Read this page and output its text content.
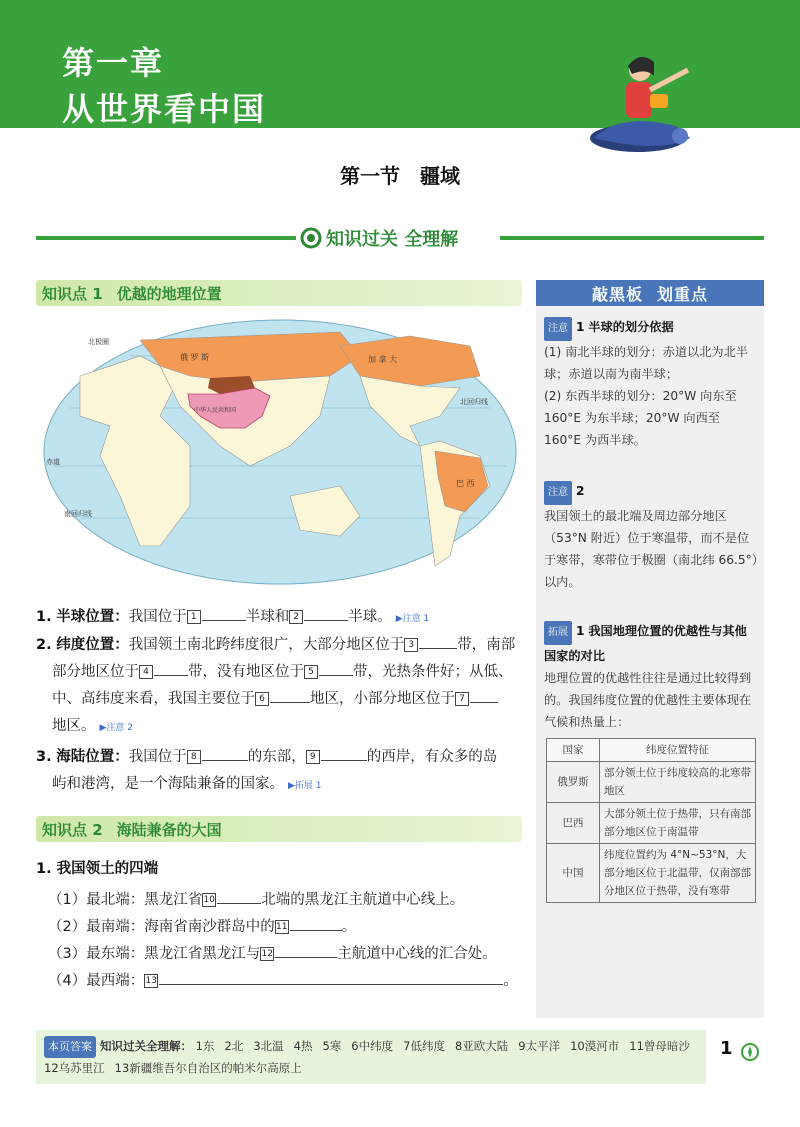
第一章
从世界看中国
第一节 疆域
知识过关 全理解
知识点 1 优越的地理位置
俄 罗 斯	加 拿 大
中华人民共和国
巴 西
北极圈
北回归线
赤道
南回归线
1. 半球位置：我国位于 1	半球和 2	半球。 ▶注意 1
2. 纬度位置：我国领土南北跨纬度很广，大部分地区位于 3	带，南部
部分地区位于 4	带，没有地区位于 5	带，光热条件好；从低、
中、高纬度来看，我国主要位于 6	地区，小部分地区位于 7
地区。 ▶注意 2
3. 海陆位置：我国位于 8	的东部， 9	的西岸，有众多的岛
屿和港湾，是一个海陆兼备的国家。 ▶拓展 1
知识点 2 海陆兼备的大国
1. 我国领土的四端
（1）最北端：黑龙江省10	北端的黑龙江主航道中心线上。
（2）最南端：海南省南沙群岛中的11	。
（3）最东端：黑龙江省黑龙江与12	主航道中心线的汇合处。
（4）最西端：13	。
敲黑板 划重点
注意 1 半球的划分依据
(1) 南北半球的划分：赤道以北为北半球；赤道以南为南半球；
(2) 东西半球的划分：20°W 向东至 160°E 为东半球；20°W 向西至 160°E 为西半球。
注意 2
我国领土的最北端及周边部分地区（53°N 附近）位于寒温带，而不是位于寒带，寒带位于极圈（南北纬 66.5°）以内。
拓展 1 我国地理位置的优越性与其他国家的对比
地理位置的优越性往往是通过比较得到的。我国纬度位置的优越性主要体现在气候和热量上：
国家	纬度位置特征
俄罗斯	部分领土位于纬度较高的北寒带地区
巴西	大部分领土位于热带，只有南部部分地区位于南温带
中国	纬度位置约为 4°N~53°N，大部分地区位于北温带，仅南部部分地区位于热带，没有寒带
本页答案 知识过关全理解： 1东 2北 3北温 4热 5寒 6中纬度 7低纬度 8亚欧大陆 9太平洋 10漠河市 11曾母暗沙12乌苏里江 13新疆维吾尔自治区的帕米尔高原上
1
